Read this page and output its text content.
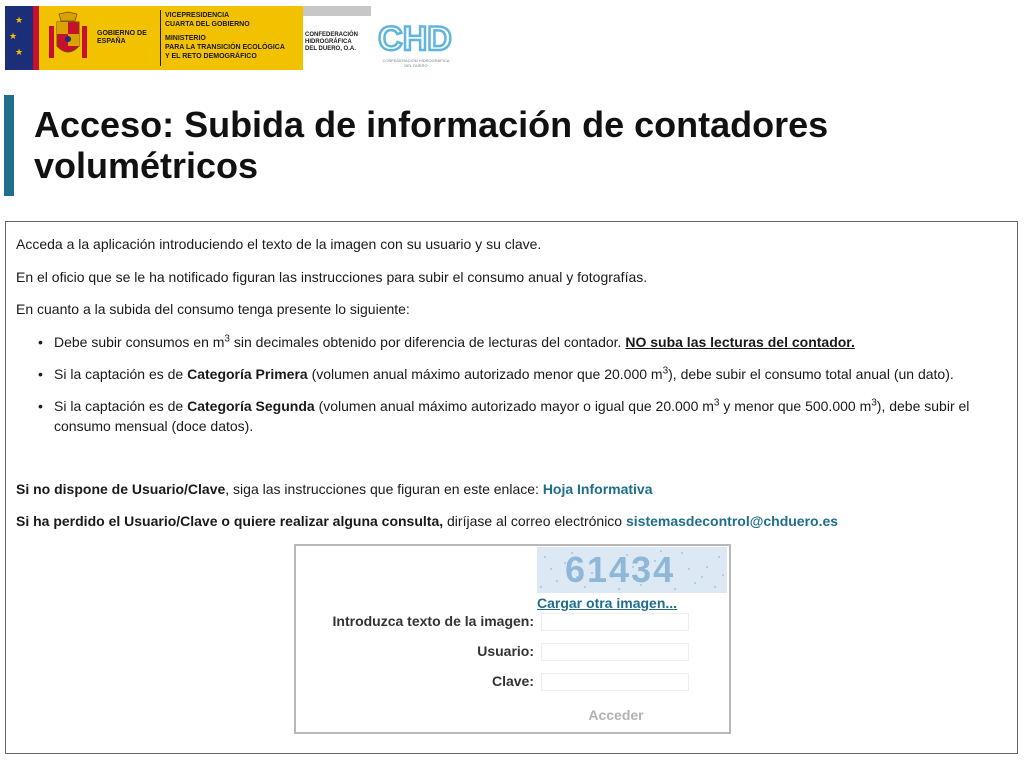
★
★
★
GOBIERNO DE ESPAÑA
VICEPRESIDENCIA
CUARTA DEL GOBIERNO
MINISTERIO
PARA LA TRANSICIÓN ECOLÓGICA
Y EL RETO DEMOGRÁFICO
CONFEDERACIÓN
HIDROGRÁFICA
DEL DUERO, O.A. CHD
CONFEDERACIÓN HIDROGRÁFICA
DEL DUERO
Acceso: Subida de información de contadores volumétricos

Acceda a la aplicación introduciendo el texto de la imagen con su usuario y su clave.

En el oficio que se le ha notificado figuran las instrucciones para subir el consumo anual y fotografías.

En cuanto a la subida del consumo tenga presente lo siguiente:

• Debe subir consumos en $m^3$ sin decimales obtenido por diferencia de lecturas del contador. NO suba las lecturas del contador.
• Si la captación es de Categoría Primera (volumen anual máximo autorizado menor que 20.000 $m^3$), debe subir el consumo total anual (un dato).
• Si la captación es de Categoría Segunda (volumen anual máximo autorizado mayor o igual que 20.000 $m^3$ y menor que 500.000 $m^3$), debe subir el consumo mensual (doce datos).

Si no dispone de Usuario/Clave, siga las instrucciones que figuran en este enlace: Hoja Informativa

Si ha perdido el Usuario/Clave o quiere realizar alguna consulta, diríjase al correo electrónico sistemasdecontrol@chduero.es

61434
Cargar otra imagen...
Introduzca texto de la imagen:
Usuario:
Clave:
Acceder
